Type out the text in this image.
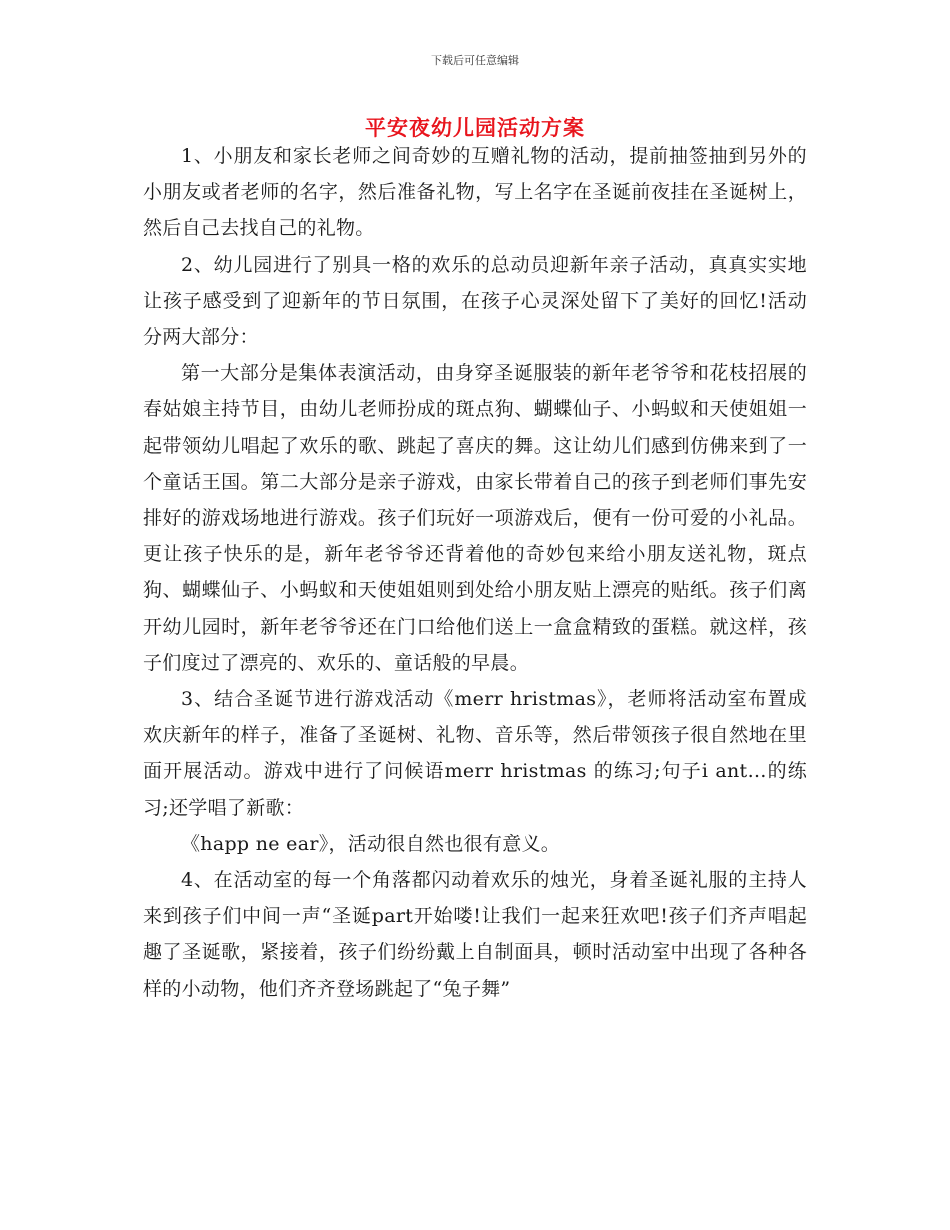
下载后可任意编辑
平安夜幼儿园活动方案

1、小朋友和家长老师之间奇妙的互赠礼物的活动，提前抽签抽到另外的小朋友或者老师的名字，然后准备礼物，写上名字在圣诞前夜挂在圣诞树上，然后自己去找自己的礼物。

2、幼儿园进行了别具一格的欢乐的总动员迎新年亲子活动，真真实实地让孩子感受到了迎新年的节日氛围，在孩子心灵深处留下了美好的回忆!活动分两大部分：

第一大部分是集体表演活动，由身穿圣诞服装的新年老爷爷和花枝招展的春姑娘主持节目，由幼儿老师扮成的斑点狗、蝴蝶仙子、小蚂蚁和天使姐姐一起带领幼儿唱起了欢乐的歌、跳起了喜庆的舞。这让幼儿们感到仿佛来到了一个童话王国。第二大部分是亲子游戏，由家长带着自己的孩子到老师们事先安排好的游戏场地进行游戏。孩子们玩好一项游戏后，便有一份可爱的小礼品。更让孩子快乐的是，新年老爷爷还背着他的奇妙包来给小朋友送礼物，斑点狗、蝴蝶仙子、小蚂蚁和天使姐姐则到处给小朋友贴上漂亮的贴纸。孩子们离开幼儿园时，新年老爷爷还在门口给他们送上一盒盒精致的蛋糕。就这样，孩子们度过了漂亮的、欢乐的、童话般的早晨。

3、结合圣诞节进行游戏活动《merr hristmas》，老师将活动室布置成欢庆新年的样子，准备了圣诞树、礼物、音乐等，然后带领孩子很自然地在里面开展活动。游戏中进行了问候语merr hristmas 的练习;句子i ant…的练习;还学唱了新歌：

《happ ne ear》，活动很自然也很有意义。

4、在活动室的每一个角落都闪动着欢乐的烛光，身着圣诞礼服的主持人来到孩子们中间一声“圣诞part开始喽!让我们一起来狂欢吧!孩子们齐声唱起趣了圣诞歌，紧接着，孩子们纷纷戴上自制面具，顿时活动室中出现了各种各样的小动物，他们齐齐登场跳起了“兔子舞”
